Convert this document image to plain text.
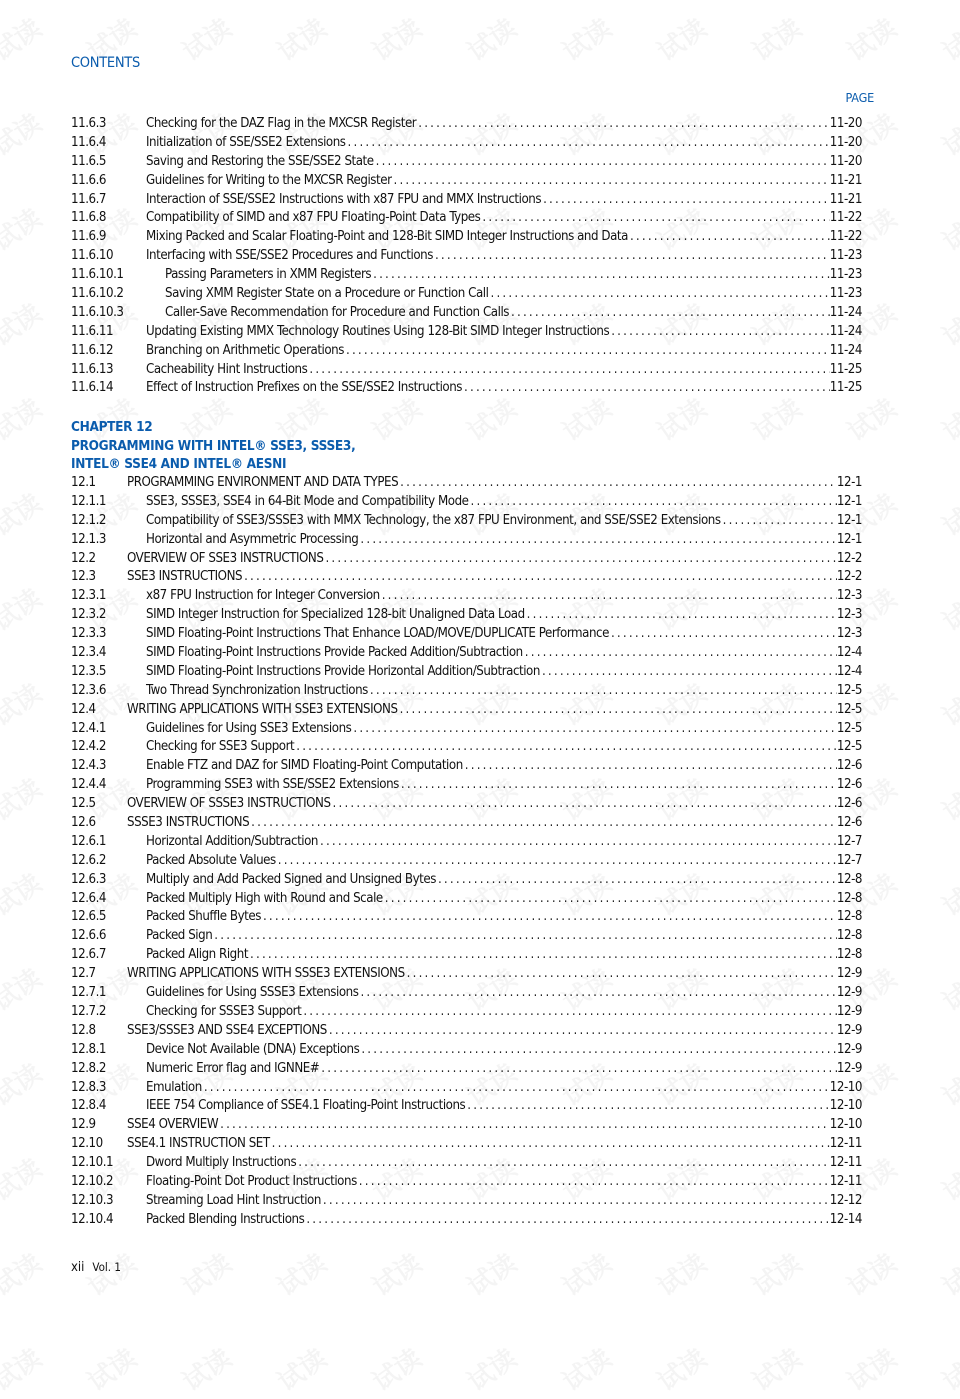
CONTENTS
PAGE
11.6.3	Checking for the DAZ Flag in the MXCSR Register .....	11-20
11.6.4	Initialization of SSE/SSE2 Extensions .....	11-20
11.6.5	Saving and Restoring the SSE/SSE2 State .....	11-20
11.6.6	Guidelines for Writing to the MXCSR Register .....	11-21
11.6.7	Interaction of SSE/SSE2 Instructions with x87 FPU and MMX Instructions .....	11-21
11.6.8	Compatibility of SIMD and x87 FPU Floating-Point Data Types .....	11-22
11.6.9	Mixing Packed and Scalar Floating-Point and 128-Bit SIMD Integer Instructions and Data .....	11-22
11.6.10	Interfacing with SSE/SSE2 Procedures and Functions .....	11-23
11.6.10.1	Passing Parameters in XMM Registers .....	11-23
11.6.10.2	Saving XMM Register State on a Procedure or Function Call .....	11-23
11.6.10.3	Caller-Save Recommendation for Procedure and Function Calls .....	11-24
11.6.11	Updating Existing MMX Technology Routines Using 128-Bit SIMD Integer Instructions .....	11-24
11.6.12	Branching on Arithmetic Operations .....	11-24
11.6.13	Cacheability Hint Instructions .....	11-25
11.6.14	Effect of Instruction Prefixes on the SSE/SSE2 Instructions .....	11-25
CHAPTER 12
PROGRAMMING WITH INTEL® SSE3, SSSE3,
INTEL® SSE4 AND INTEL® AESNI
12.1	PROGRAMMING ENVIRONMENT AND DATA TYPES .....	12-1
12.1.1	SSE3, SSSE3, SSE4 in 64-Bit Mode and Compatibility Mode .....	12-1
12.1.2	Compatibility of SSE3/SSSE3 with MMX Technology, the x87 FPU Environment, and SSE/SSE2 Extensions .....	12-1
12.1.3	Horizontal and Asymmetric Processing .....	12-1
12.2	OVERVIEW OF SSE3 INSTRUCTIONS .....	12-2
12.3	SSE3 INSTRUCTIONS .....	12-2
12.3.1	x87 FPU Instruction for Integer Conversion .....	12-3
12.3.2	SIMD Integer Instruction for Specialized 128-bit Unaligned Data Load .....	12-3
12.3.3	SIMD Floating-Point Instructions That Enhance LOAD/MOVE/DUPLICATE Performance .....	12-3
12.3.4	SIMD Floating-Point Instructions Provide Packed Addition/Subtraction .....	12-4
12.3.5	SIMD Floating-Point Instructions Provide Horizontal Addition/Subtraction .....	12-4
12.3.6	Two Thread Synchronization Instructions .....	12-5
12.4	WRITING APPLICATIONS WITH SSE3 EXTENSIONS .....	12-5
12.4.1	Guidelines for Using SSE3 Extensions .....	12-5
12.4.2	Checking for SSE3 Support .....	12-5
12.4.3	Enable FTZ and DAZ for SIMD Floating-Point Computation .....	12-6
12.4.4	Programming SSE3 with SSE/SSE2 Extensions .....	12-6
12.5	OVERVIEW OF SSSE3 INSTRUCTIONS .....	12-6
12.6	SSSE3 INSTRUCTIONS .....	12-6
12.6.1	Horizontal Addition/Subtraction .....	12-7
12.6.2	Packed Absolute Values .....	12-7
12.6.3	Multiply and Add Packed Signed and Unsigned Bytes .....	12-8
12.6.4	Packed Multiply High with Round and Scale .....	12-8
12.6.5	Packed Shuffle Bytes .....	12-8
12.6.6	Packed Sign .....	12-8
12.6.7	Packed Align Right .....	12-8
12.7	WRITING APPLICATIONS WITH SSSE3 EXTENSIONS .....	12-9
12.7.1	Guidelines for Using SSSE3 Extensions .....	12-9
12.7.2	Checking for SSSE3 Support .....	12-9
12.8	SSE3/SSSE3 AND SSE4 EXCEPTIONS .....	12-9
12.8.1	Device Not Available (DNA) Exceptions .....	12-9
12.8.2	Numeric Error flag and IGNNE# .....	12-9
12.8.3	Emulation .....	12-10
12.8.4	IEEE 754 Compliance of SSE4.1 Floating-Point Instructions .....	12-10
12.9	SSE4 OVERVIEW .....	12-10
12.10	SSE4.1 INSTRUCTION SET .....	12-11
12.10.1	Dword Multiply Instructions .....	12-11
12.10.2	Floating-Point Dot Product Instructions .....	12-11
12.10.3	Streaming Load Hint Instruction .....	12-12
12.10.4	Packed Blending Instructions .....	12-14
xii Vol. 1
